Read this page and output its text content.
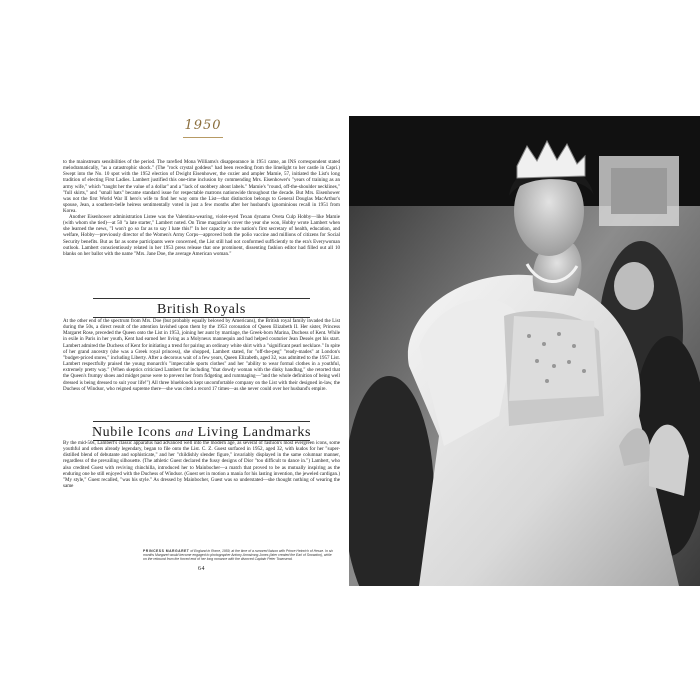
1950

to the mainstream sensibilities of the period. The rarefied Mona Williams's disappearance in 1951 came, an INS correspondent stated melodramatically, "as a catastrophic shock." (The "rock crystal goddess" had been receding from the limelight to her castle in Capri.) Swept into the No. 10 spot with the 1952 election of Dwight Eisenhower, the cozier and ampler Mamie, 57, initiated the List's long tradition of electing First Ladies. Lambert justified this one-time inclusion by commending Mrs. Eisenhower's "years of training as an army wife," which "taught her the value of a dollar" and a "lack of snobbery about labels." Mamie's "round, off-the-shoulder necklines," "full skirts," and "small hats" became standard issue for respectable matrons nationwide throughout the decade. But Mrs. Eisenhower was not the first World War II hero's wife to find her way onto the List—that distinction belongs to General Douglas MacArthur's spouse, Jean, a southern-belle heiress sentimentally voted in just a few months after her husband's ignominious recall in 1951 from Korea.

Another Eisenhower administration Listee was the Valentina-wearing, violet-eyed Texan dynamo Oveta Culp Hobby—like Mamie (with whom she tied)—at 50 "a late starter," Lambert noted. On Time magazine's cover the year she won, Hobby wrote Lambert when she learned the news, "I won't go so far as to say I hate this!" In her capacity as the nation's first secretary of health, education, and welfare, Hobby—previously director of the Women's Army Corps—approved both the polio vaccine and millions of citizens for Social Security benefits. But as far as some participants were concerned, the List still had not conformed sufficiently to the era's Everywoman outlook. Lambert conscientiously related in her 1953 press release that one prominent, dissenting fashion editor had filled out all 10 blanks on her ballot with the name "Mrs. Jane Doe, the average American woman."

British Royals

At the other end of the spectrum from Mrs. Doe (but probably equally beloved by Americans), the British royal family invaded the List during the 50s, a direct result of the attention lavished upon them by the 1953 coronation of Queen Elizabeth II. Her sister, Princess Margaret Rose, preceded the Queen onto the List in 1953, joining her aunt by marriage, the Greek-born Marina, Duchess of Kent. While in exile in Paris in her youth, Kent had earned her living as a Molyneux mannequin and had helped couturier Jean Dessès get his start. Lambert admired the Duchess of Kent for initiating a trend for pairing an ordinary white shirt with a "significant pearl necklace." In spite of her grand ancestry (she was a Greek royal princess), she shopped, Lambert stated, for "off-the-peg" "ready-mades" at London's "budget-priced stores," including Liberty. After a decorous wait of a few years, Queen Elizabeth, aged 32, was admitted to the 1957 List. Lambert respectfully praised the young monarch's "impeccable sports clothes" and her "ability to wear formal clothes in a youthful, extremely pretty way." (When skeptics criticized Lambert for including "that dowdy woman with the dinky handbag," she retorted that the Queen's frumpy shoes and midget purse were to prevent her from fidgeting and rummaging—"and the whole definition of being well dressed is being dressed to suit your life!") All three bluebloods kept uncomfortable company on the List with their designed in-law, the Duchess of Windsor, who reigned supreme there—she was cited a record 17 times—as she never could over her husband's empire.

Nubile Icons and Living Landmarks

By the mid-50s, Lambert's classic apparatus had advanced well into the modern age, as several of fashion's most evergreen icons, some youthful and others already legendary, began to file onto the List. C. Z. Guest surfaced in 1952, aged 32, with kudos for her "super-distilled blend of debutante and sophisticate," and her "childishly slender figure," invariably displayed in the same columnar manner, regardless of the prevailing silhouette. (The athletic Guest declared the fussy designs of Dior "too difficult to dance in.") Lambert, who also credited Guest with reviving chinchilla, introduced her to Mainbocher—a match that proved to be as mutually inspiring as the enduring one he still enjoyed with the Duchess of Windsor. (Guest set in motion a mania for his lasting invention, the jeweled cardigan.) "My style," Guest recalled, "was his style." As dressed by Mainbocher, Guest was so understated—she thought nothing of wearing the same

PRINCESS MARGARET of England in Rome, 1959, at the time of a rumored liaison with Prince Heinrich of Hesse. In six months Margaret would become engaged to photographer Antony Armstrong-Jones (later created the Earl of Snowdon), while on the rebound from the forced end of her long romance with the divorced Captain Peter Townsend.
64
